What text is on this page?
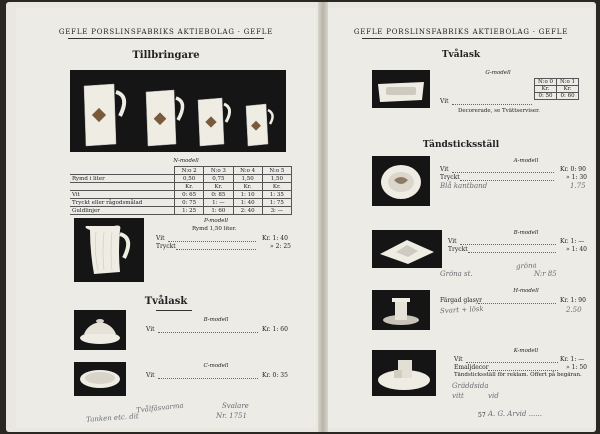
GEFLE PORSLINSFABRIKS AKTIEBOLAG · GEFLE
Tillbringare
N-modell
	N:o 2	N:o 3	N:o 4	N:o 5
Rymd i liter	0,50	0,75	1,50	1,50
	Kr.	Kr.	Kr.	Kr.
Vit	0: 65	0: 85	1: 10	1: 35
Tryckt eller rågodsmålad	0: 75	1: —	1: 40	1: 75
Guldlinjer	1: 25	1: 60	2: 40	3: —
P-modell
Rymd 1,50 liter.
Vit	Kr. 1: 40
Tryckt	» 2: 25
Tvålask
B-modell
Vit	Kr. 1: 60
C-modell
Vit	Kr. 0: 35
Tvålfäsvarma	Svalare
Tanken etc. dit	Nr. 1751
GEFLE PORSLINSFABRIKS AKTIEBOLAG · GEFLE
Tvålask
G-modell
N:o 0	N:o 1
Kr.	Kr.
0: 50	0: 60
Vit
Decorerade, se Tvättserviser.
Tändsticksställ
A-modell
Vit	Kr. 0: 90
Tryckt	» 1: 30
Blå kantband	1.75
B-modell
Vit	Kr. 1: —
Tryckt	» 1: 40
gröna
Gröna st.	N:r 85
H-modell
Färgad glasyr	Kr. 1: 90
Svart + lösk	2.50
K-modell
Vit	Kr. 1: —
Emaljdecor	» 1: 50
Tändsticksställ för reklam. Offert på begäran.
Gräddsida
vitt	vid
57 A. G. Arvid ......
